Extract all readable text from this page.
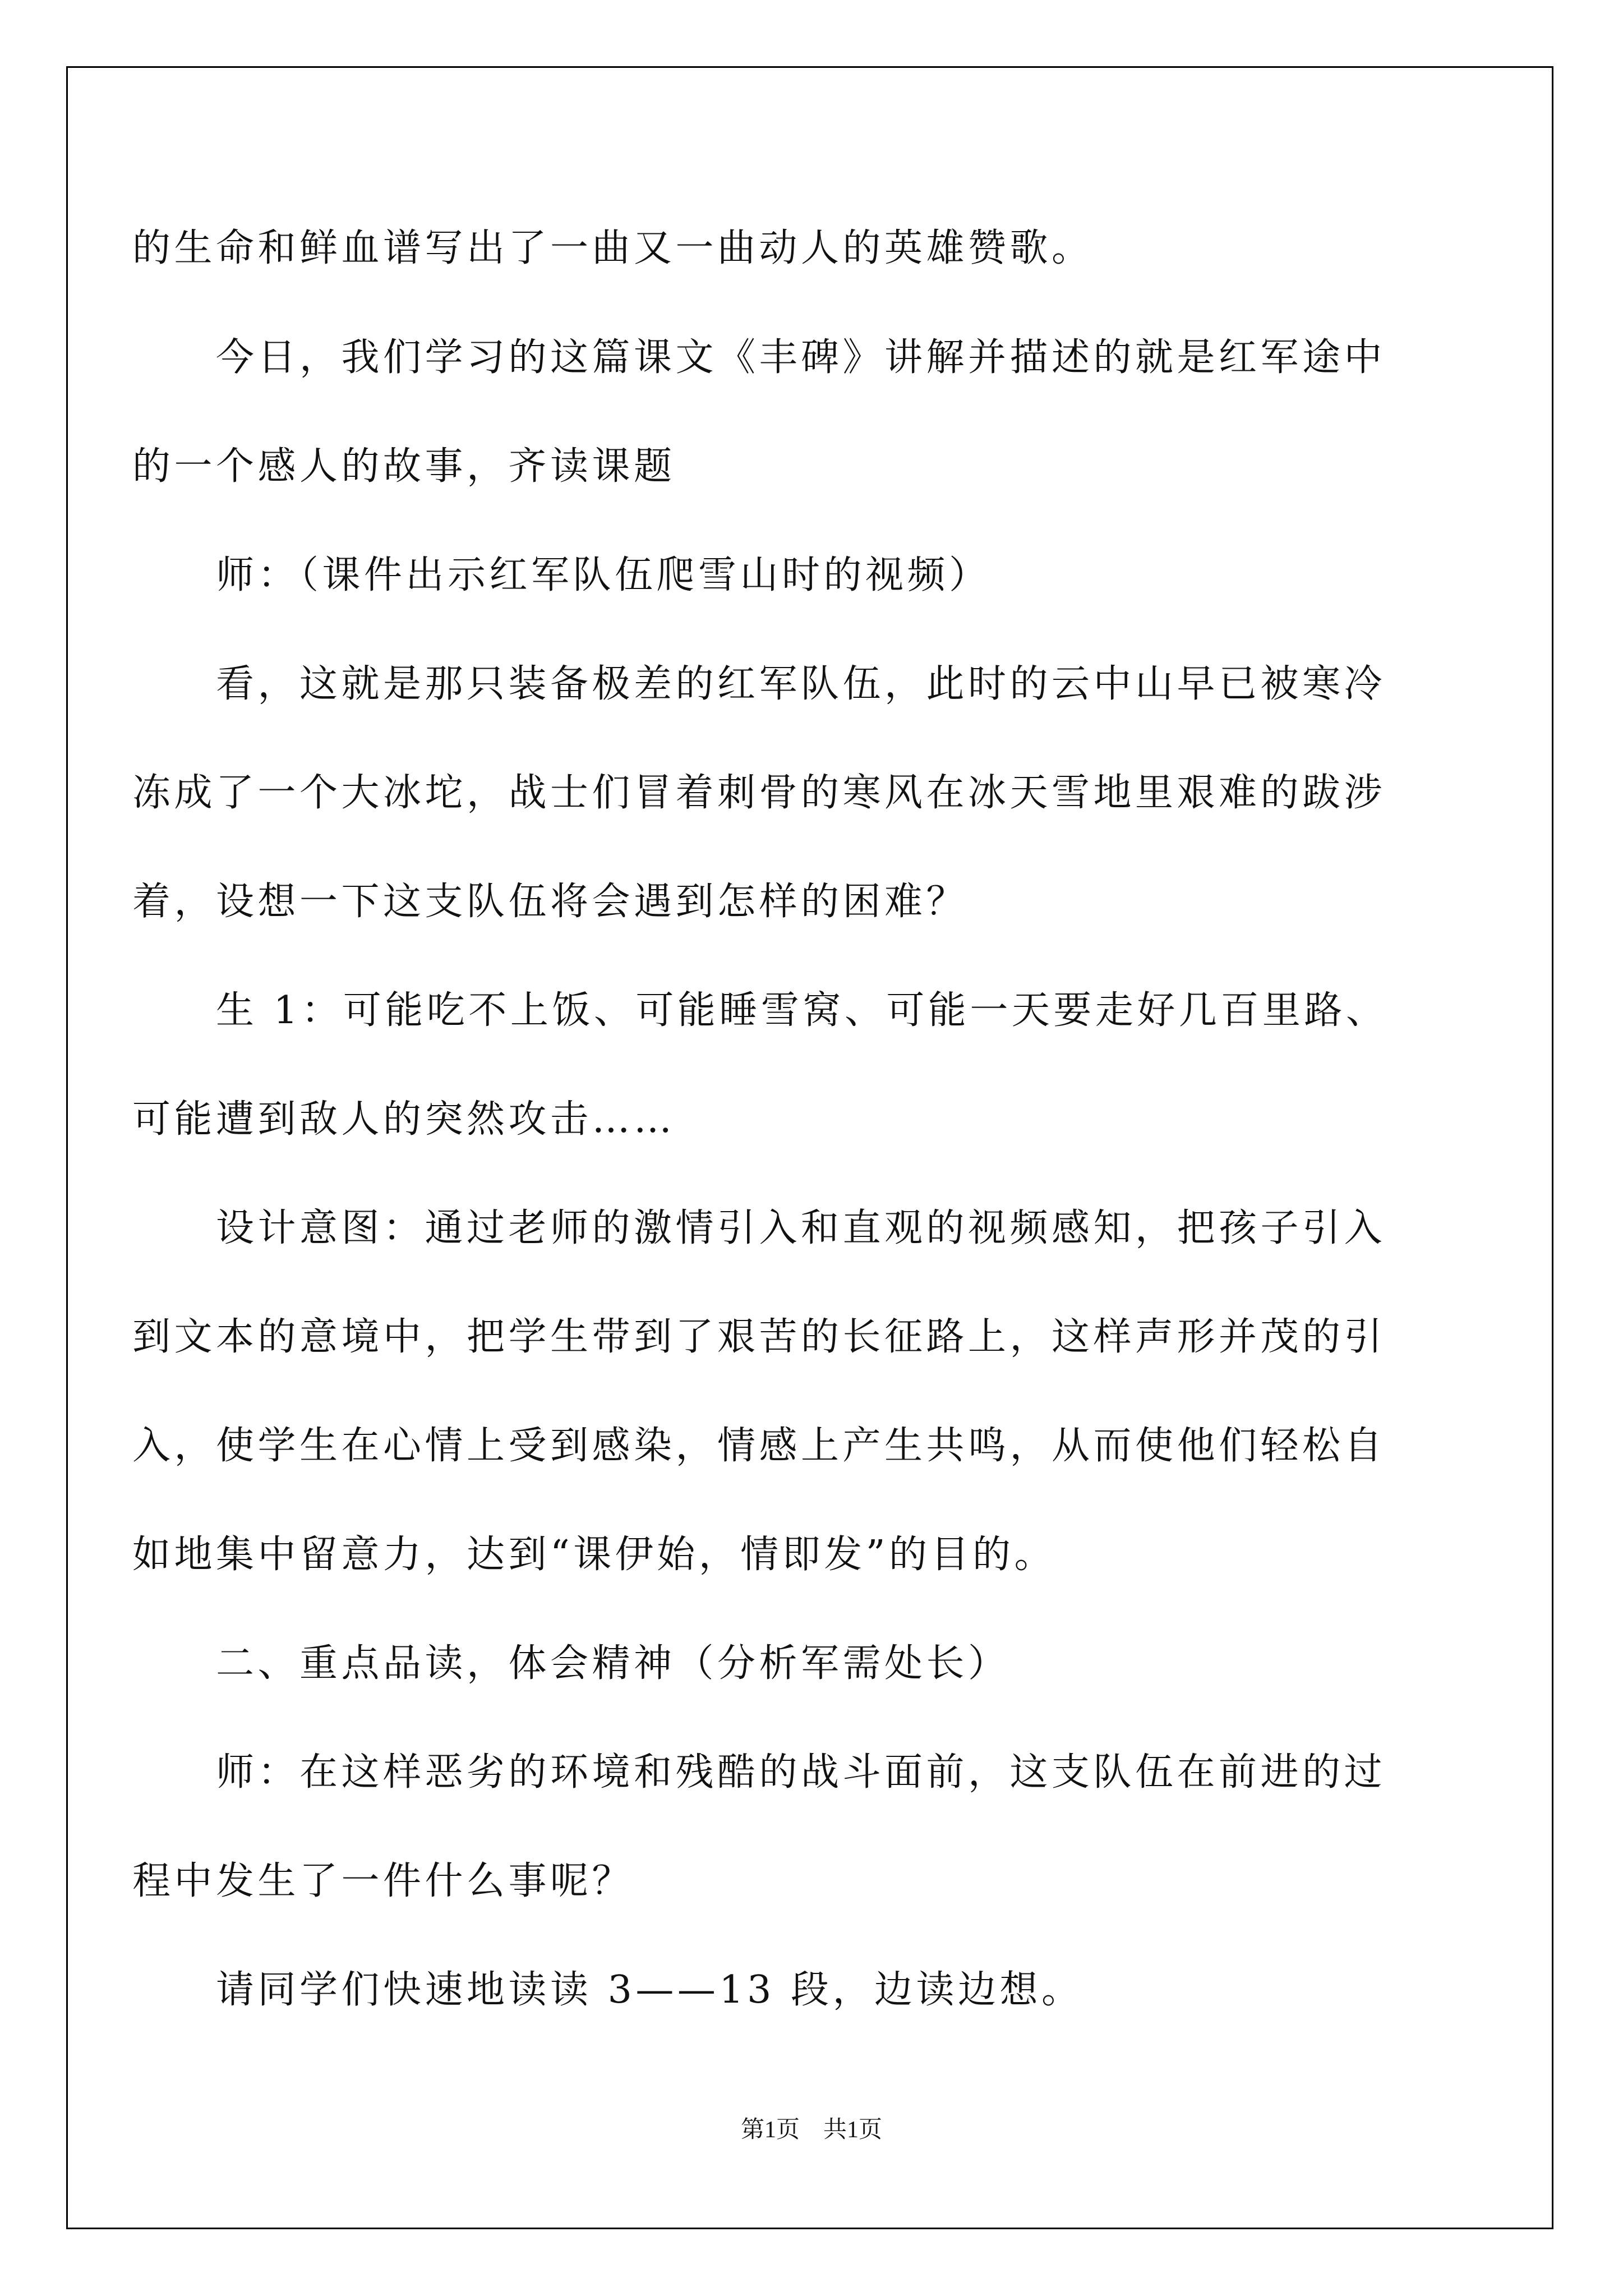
的生命和鲜血谱写出了一曲又一曲动人的英雄赞歌。
　　今日，我们学习的这篇课文《丰碑》讲解并描述的就是红军途中
的一个感人的故事，齐读课题
　　师：（课件出示红军队伍爬雪山时的视频）
　　看，这就是那只装备极差的红军队伍，此时的云中山早已被寒冷
冻成了一个大冰坨，战士们冒着刺骨的寒风在冰天雪地里艰难的跋涉
着，设想一下这支队伍将会遇到怎样的困难？
　　生 1：可能吃不上饭、可能睡雪窝、可能一天要走好几百里路、
可能遭到敌人的突然攻击……
　　设计意图：通过老师的激情引入和直观的视频感知，把孩子引入
到文本的意境中，把学生带到了艰苦的长征路上，这样声形并茂的引
入，使学生在心情上受到感染，情感上产生共鸣，从而使他们轻松自
如地集中留意力，达到“课伊始，情即发”的目的。
　　二、重点品读，体会精神（分析军需处长）
　　师：在这样恶劣的环境和残酷的战斗面前，这支队伍在前进的过
程中发生了一件什么事呢？
　　请同学们快速地读读 3——13 段，边读边想。
第1页　共1页
